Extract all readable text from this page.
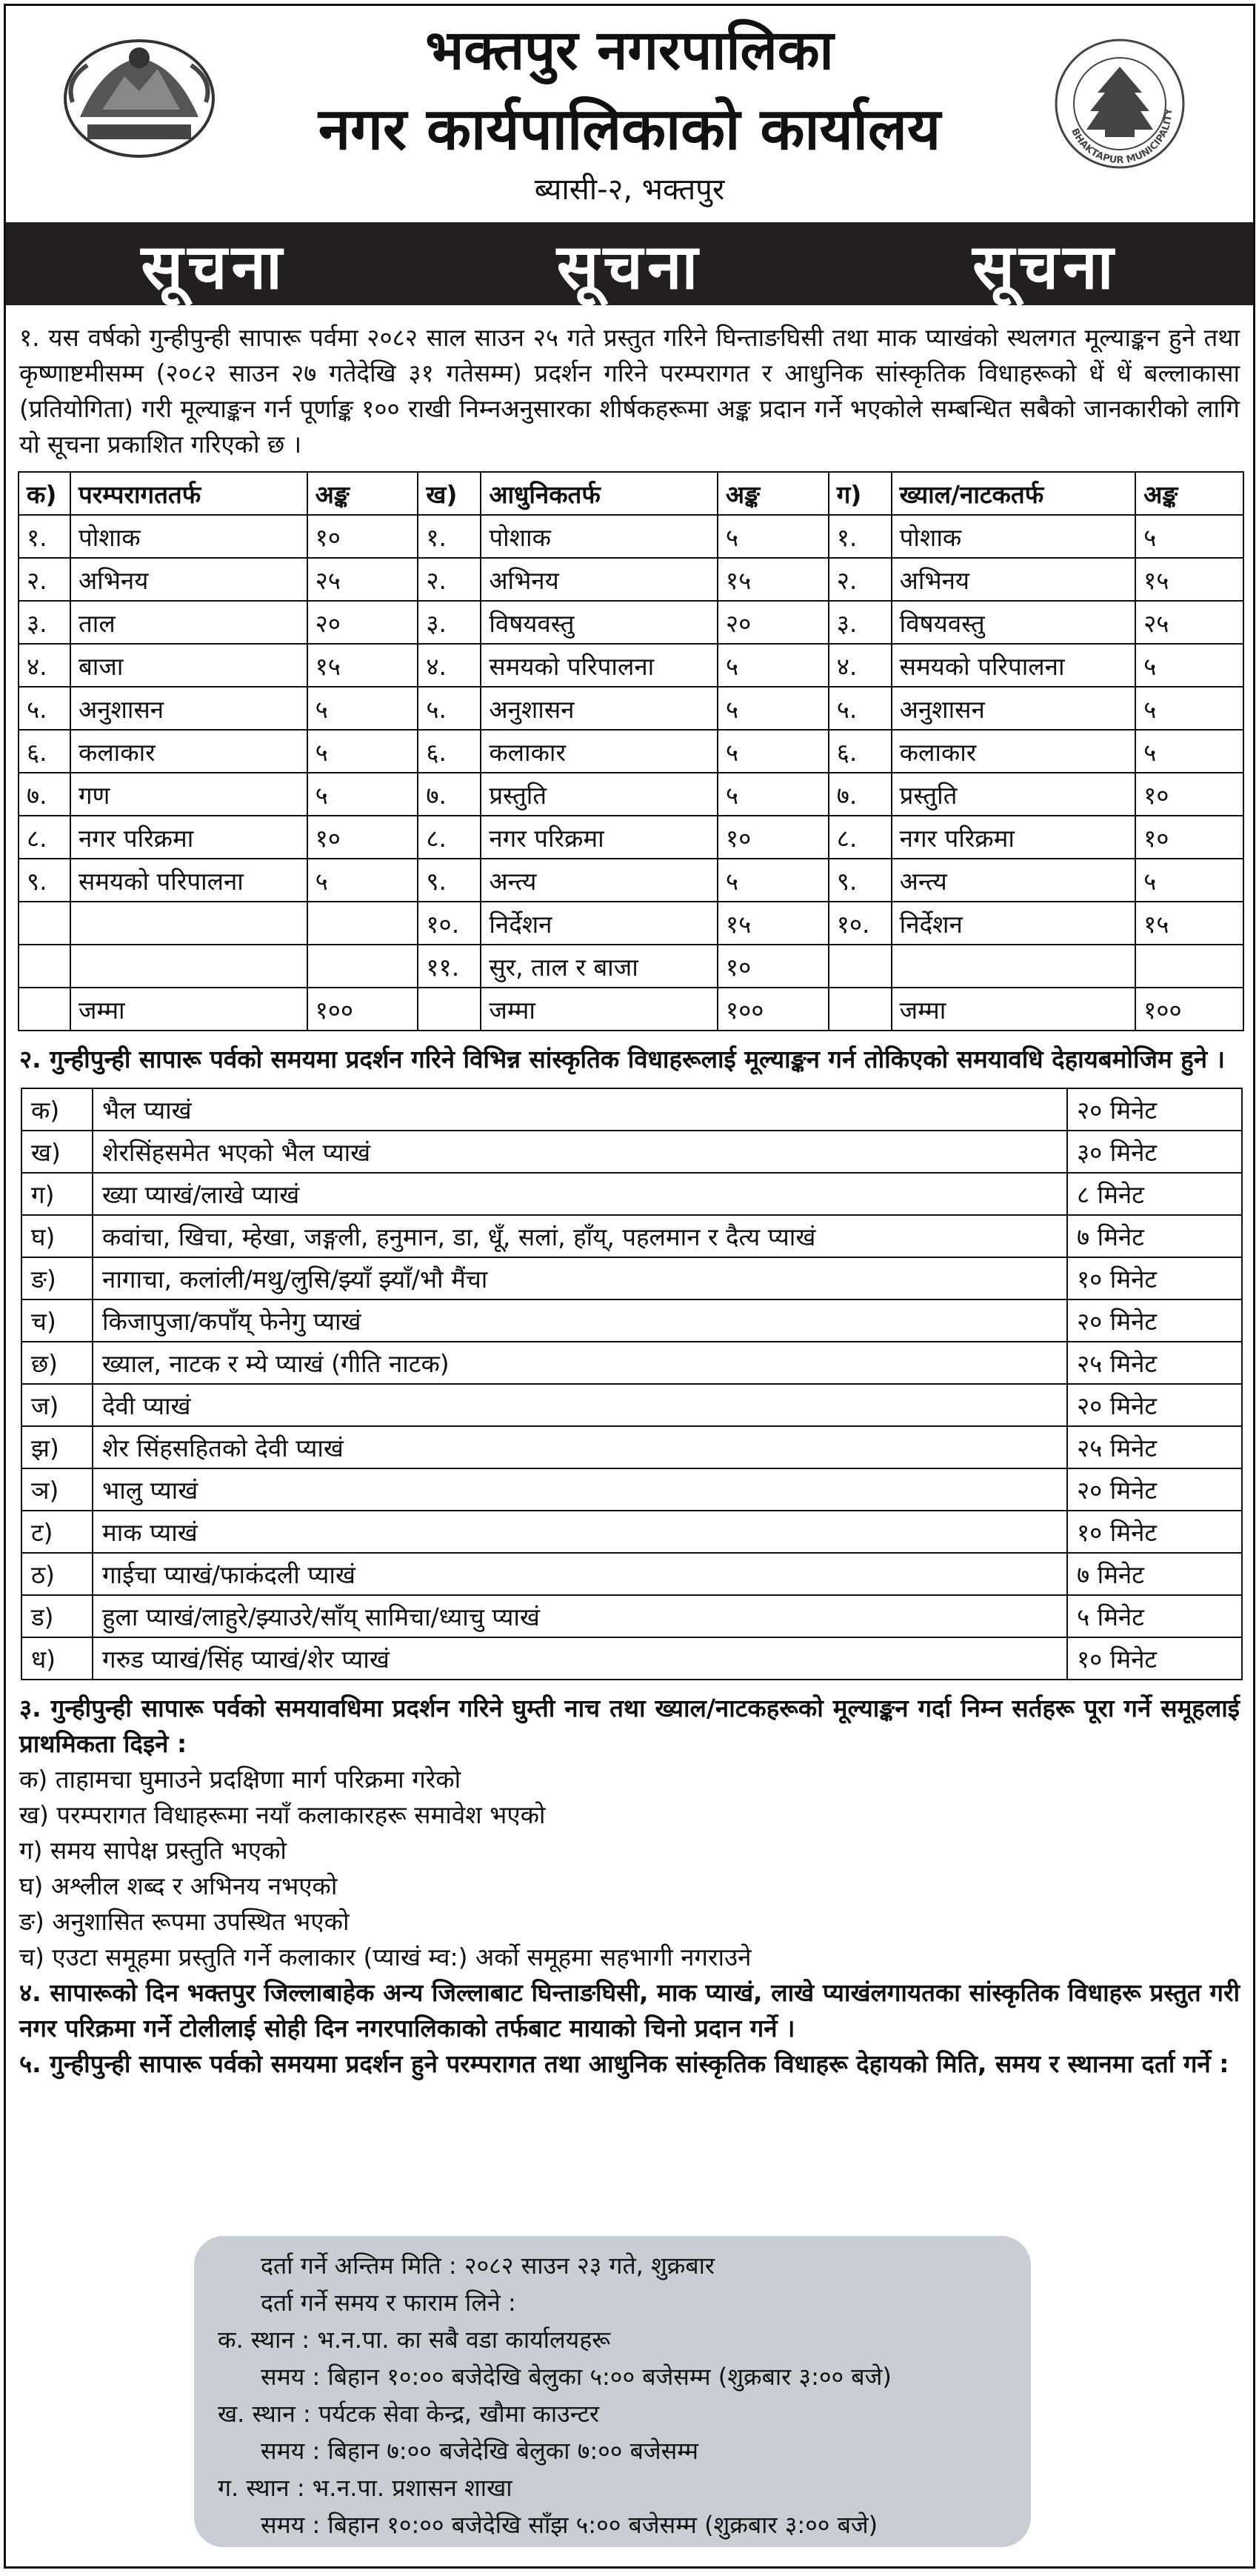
भक्तपुर नगरपालिका
नगर कार्यपालिकाको कार्यालय
ब्यासी-२, भक्तपुर
BHAKTAPUR MUNICIPALITY
सूचना	सूचना	सूचना

१. यस वर्षको गुन्हीपुन्ही सापारू पर्वमा २०८२ साल साउन २५ गते प्रस्तुत गरिने घिन्ताङघिसी तथा माक प्याखंको स्थलगत मूल्याङ्कन हुने तथा कृष्णाष्टमीसम्म (२०८२ साउन २७ गतेदेखि ३१ गतेसम्म) प्रदर्शन गरिने परम्परागत र आधुनिक सांस्कृतिक विधाहरूको धें धें बल्लाकासा (प्रतियोगिता) गरी मूल्याङ्कन गर्न पूर्णाङ्क १०० राखी निम्नअनुसारका शीर्षकहरूमा अङ्क प्रदान गर्ने भएकोले सम्बन्धित सबैको जानकारीको लागि यो सूचना प्रकाशित गरिएको छ ।

क)	परम्परागततर्फ	अङ्क	ख)	आधुनिकतर्फ	अङ्क	ग)	ख्याल/नाटकतर्फ	अङ्क
१.	पोशाक	१०	१.	पोशाक	५	१.	पोशाक	५
२.	अभिनय	२५	२.	अभिनय	१५	२.	अभिनय	१५
३.	ताल	२०	३.	विषयवस्तु	२०	३.	विषयवस्तु	२५
४.	बाजा	१५	४.	समयको परिपालना	५	४.	समयको परिपालना	५
५.	अनुशासन	५	५.	अनुशासन	५	५.	अनुशासन	५
६.	कलाकार	५	६.	कलाकार	५	६.	कलाकार	५
७.	गण	५	७.	प्रस्तुति	५	७.	प्रस्तुति	१०
८.	नगर परिक्रमा	१०	८.	नगर परिक्रमा	१०	८.	नगर परिक्रमा	१०
९.	समयको परिपालना	५	९.	अन्त्य	५	९.	अन्त्य	५
			१०.	निर्देशन	१५	१०.	निर्देशन	१५
			११.	सुर, ताल र बाजा	१०			
	जम्मा	१००		जम्मा	१००		जम्मा	१००

२. गुन्हीपुन्ही सापारू पर्वको समयमा प्रदर्शन गरिने विभिन्न सांस्कृतिक विधाहरूलाई मूल्याङ्कन गर्न तोकिएको समयावधि देहायबमोजिम हुने ।

क)	भैल प्याखं	२० मिनेट
ख)	शेरसिंहसमेत भएको भैल प्याखं	३० मिनेट
ग)	ख्या प्याखं/लाखे प्याखं	८ मिनेट
घ)	कवांचा, खिचा, म्हेखा, जङ्गली, हनुमान, डा, धूँ, सलां, हाँय्, पहलमान र दैत्य प्याखं	७ मिनेट
ङ)	नागाचा, कलांली/मथु/लुसि/झ्याँ झ्याँ/भौ मैंचा	१० मिनेट
च)	किजापुजा/कपाँय् फेनेगु प्याखं	२० मिनेट
छ)	ख्याल, नाटक र म्ये प्याखं (गीति नाटक)	२५ मिनेट
ज)	देवी प्याखं	२० मिनेट
झ)	शेर सिंहसहितको देवी प्याखं	२५ मिनेट
ञ)	भालु प्याखं	२० मिनेट
ट)	माक प्याखं	१० मिनेट
ठ)	गाईचा प्याखं/फाकंदली प्याखं	७ मिनेट
ड)	हुला प्याखं/लाहुरे/झ्याउरे/साँय् सामिचा/ध्याचु प्याखं	५ मिनेट
ध)	गरुड प्याखं/सिंह प्याखं/शेर प्याखं	१० मिनेट

३. गुन्हीपुन्ही सापारू पर्वको समयावधिमा प्रदर्शन गरिने घुम्ती नाच तथा ख्याल/नाटकहरूको मूल्याङ्कन गर्दा निम्न सर्तहरू पूरा गर्ने समूहलाई प्राथमिकता दिइने :

क) ताहामचा घुमाउने प्रदक्षिणा मार्ग परिक्रमा गरेको

ख) परम्परागत विधाहरूमा नयाँ कलाकारहरू समावेश भएको

ग) समय सापेक्ष प्रस्तुति भएको

घ) अश्लील शब्द र अभिनय नभएको

ङ) अनुशासित रूपमा उपस्थित भएको

च) एउटा समूहमा प्रस्तुति गर्ने कलाकार (प्याखं म्व:) अर्को समूहमा सहभागी नगराउने

४. सापारूको दिन भक्तपुर जिल्लाबाहेक अन्य जिल्लाबाट घिन्ताङघिसी, माक प्याखं, लाखे प्याखंलगायतका सांस्कृतिक विधाहरू प्रस्तुत गरी नगर परिक्रमा गर्ने टोलीलाई सोही दिन नगरपालिकाको तर्फबाट मायाको चिनो प्रदान गर्ने ।

५. गुन्हीपुन्ही सापारू पर्वको समयमा प्रदर्शन हुने परम्परागत तथा आधुनिक सांस्कृतिक विधाहरू देहायको मिति, समय र स्थानमा दर्ता गर्ने :

दर्ता गर्ने अन्तिम मिति : २०८२ साउन २३ गते, शुक्रबार
दर्ता गर्ने समय र फाराम लिने :
क. स्थान : भ.न.पा. का सबै वडा कार्यालयहरू
समय : बिहान १०:०० बजेदेखि बेलुका ५:०० बजेसम्म (शुक्रबार ३:०० बजे)
ख. स्थान : पर्यटक सेवा केन्द्र, खौमा काउन्टर
समय : बिहान ७:०० बजेदेखि बेलुका ७:०० बजेसम्म
ग. स्थान : भ.न.पा. प्रशासन शाखा
समय : बिहान १०:०० बजेदेखि साँझ ५:०० बजेसम्म (शुक्रबार ३:०० बजे)
